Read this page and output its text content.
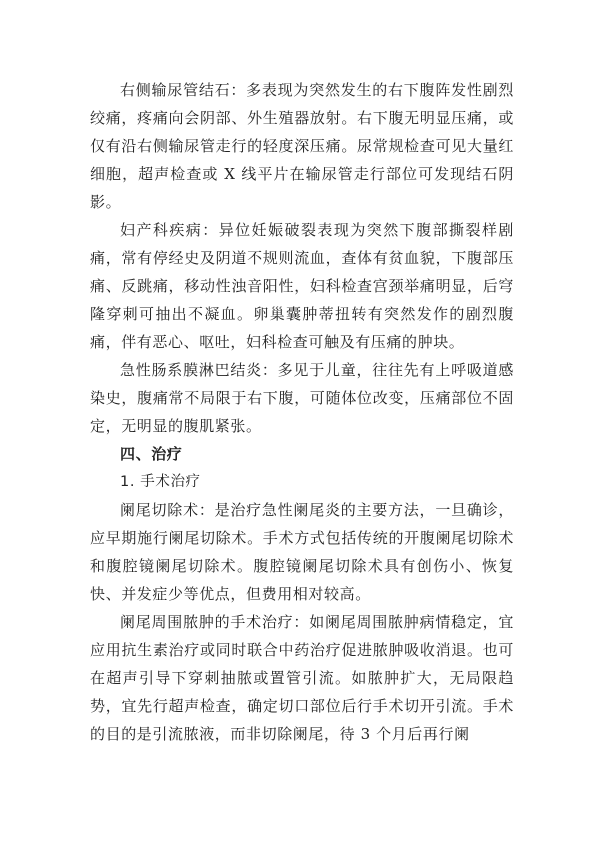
右侧输尿管结石：多表现为突然发生的右下腹阵发性剧烈绞痛，疼痛向会阴部、外生殖器放射。右下腹无明显压痛，或仅有沿右侧输尿管走行的轻度深压痛。尿常规检查可见大量红细胞，超声检查或 X 线平片在输尿管走行部位可发现结石阴影。

妇产科疾病：异位妊娠破裂表现为突然下腹部撕裂样剧痛，常有停经史及阴道不规则流血，查体有贫血貌，下腹部压痛、反跳痛，移动性浊音阳性，妇科检查宫颈举痛明显，后穹隆穿刺可抽出不凝血。卵巢囊肿蒂扭转有突然发作的剧烈腹痛，伴有恶心、呕吐，妇科检查可触及有压痛的肿块。

急性肠系膜淋巴结炎：多见于儿童，往往先有上呼吸道感染史，腹痛常不局限于右下腹，可随体位改变，压痛部位不固定，无明显的腹肌紧张。

四、治疗

1. 手术治疗

阑尾切除术：是治疗急性阑尾炎的主要方法，一旦确诊，应早期施行阑尾切除术。手术方式包括传统的开腹阑尾切除术和腹腔镜阑尾切除术。腹腔镜阑尾切除术具有创伤小、恢复快、并发症少等优点，但费用相对较高。

阑尾周围脓肿的手术治疗：如阑尾周围脓肿病情稳定，宜应用抗生素治疗或同时联合中药治疗促进脓肿吸收消退。也可在超声引导下穿刺抽脓或置管引流。如脓肿扩大，无局限趋势，宜先行超声检查，确定切口部位后行手术切开引流。手术的目的是引流脓液，而非切除阑尾，待 3 个月后再行阑
